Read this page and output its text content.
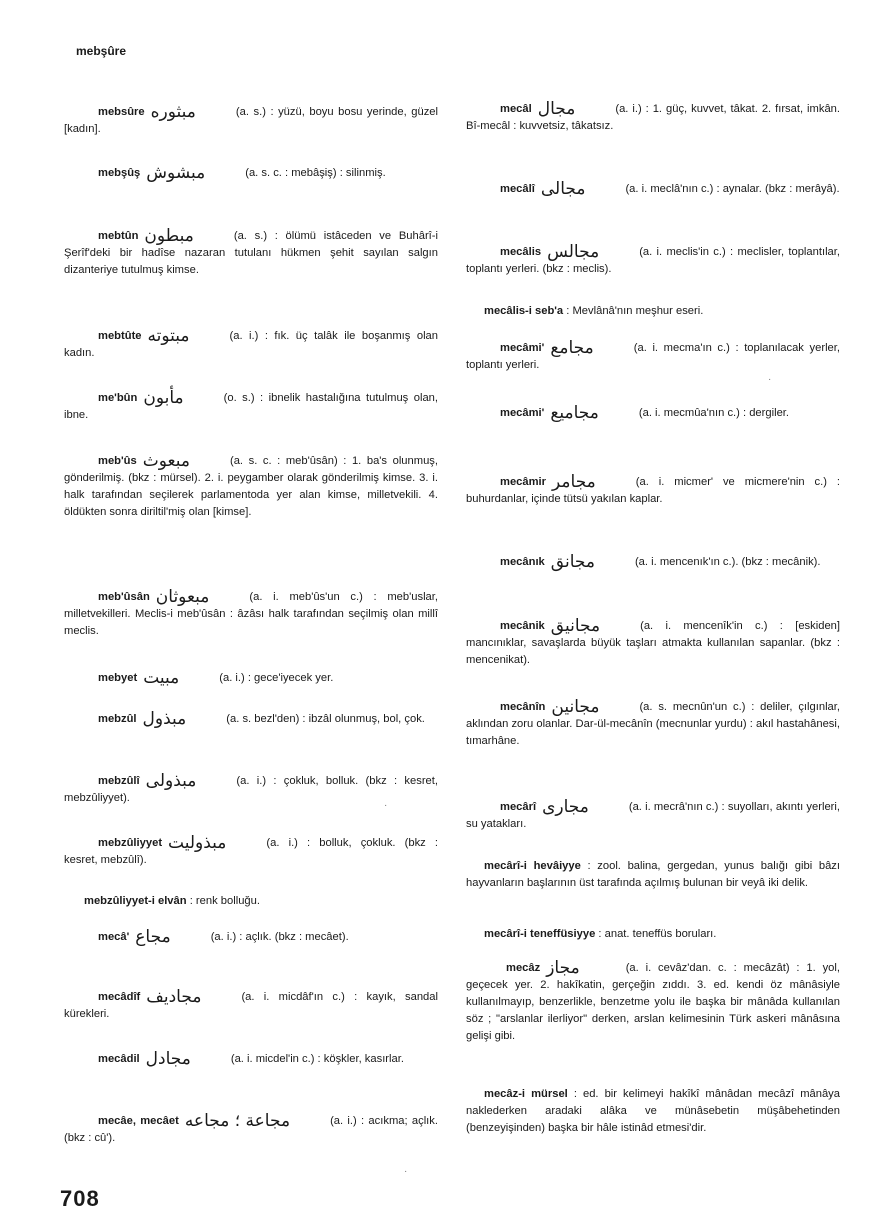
mebşûre

mebsûre مبثوره	(a. s.) : yüzü, boyu bosu yerinde, güzel [kadın].

mebşûş مبشوش	(a. s. c. : mebâşiş) : silinmiş.

mebtûn مبطون	(a. s.) : ölümü istâceden ve Buhârî-i Şerîf'deki bir hadîse nazaran tutulanı hükmen şehit sayılan salgın dizanteriye tutulmuş kimse.

mebtûte مبتوته	(a. i.) : fık. üç talâk ile boşanmış olan kadın.

me'bûn مأبون	(o. s.) : ibnelik hastalığına tutulmuş olan, ibne.

meb'ûs مبعوث	(a. s. c. : meb'ûsân) : 1. ba's olunmuş, gönderilmiş. (bkz : mürsel). 2. i. peygamber olarak gönderilmiş kimse. 3. i. halk tarafından seçilerek parlamentoda yer alan kimse, milletvekili. 4. öldükten sonra diriltil'miş olan [kimse].

meb'ûsân مبعوثان	(a. i. meb'ûs'un c.) : meb'uslar, milletvekilleri. Meclis-i meb'ûsân : âzâsı halk tarafından seçilmiş olan millî meclis.

mebyet مبيت	(a. i.) : gece'iyecek yer.

mebzûl مبذول	(a. s. bezl'den) : ibzâl olunmuş, bol, çok.

mebzûlî مبذولى	(a. i.) : çokluk, bolluk. (bkz : kesret, mebzûliyyet).

mebzûliyyet مبذوليت	(a. i.) : bolluk, çokluk. (bkz : kesret, mebzûlî).

mebzûliyyet-i elvân : renk bolluğu.

mecâ' مجاع	(a. i.) : açlık. (bkz : mecâet).

mecâdîf مجاديف	(a. i. micdâf'ın c.) : kayık, sandal kürekleri.

mecâdil مجادل	(a. i. micdel'in c.) : köşkler, kasırlar.

mecâe, mecâet مجاعة ؛ مجاعه	(a. i.) : acıkma; açlık. (bkz : cû').

mecâl مجال	(a. i.) : 1. güç, kuvvet, tâkat. 2. fırsat, imkân. Bî-mecâl : kuvvetsiz, tâkatsız.

mecâlî مجالى	(a. i. meclâ'nın c.) : aynalar. (bkz : merâyâ).

mecâlis مجالس	(a. i. meclis'in c.) : meclisler, toplantılar, toplantı yerleri. (bkz : meclis).

mecâlis-i seb'a : Mevlânâ'nın meşhur eseri.

mecâmi' مجامع	(a. i. mecma'ın c.) : toplanılacak yerler, toplantı yerleri.

mecâmi' مجاميع	(a. i. mecmûa'nın c.) : dergiler.

mecâmir مجامر	(a. i. micmer' ve micmere'nin c.) : buhurdanlar, içinde tütsü yakılan kaplar.

mecânık مجانق	(a. i. mencenık'ın c.). (bkz : mecânik).

mecânik مجانيق	(a. i. mencenîk'in c.) : [eskiden] mancınıklar, savaşlarda büyük taşları atmakta kullanılan sapanlar. (bkz : mencenikat).

mecânîn مجانين	(a. s. mecnûn'un c.) : deliler, çılgınlar, aklından zoru olanlar. Dar-ül-mecânîn (mecnunlar yurdu) : akıl hastahânesi, tımarhâne.

mecârî مجارى	(a. i. mecrâ'nın c.) : suyolları, akıntı yerleri, su yatakları.

mecârî-i hevâiyye : zool. balina, gergedan, yunus balığı gibi bâzı hayvanların başlarının üst tarafında açılmış bulunan bir veyâ iki delik.

mecârî-i teneffüsiyye : anat. teneffüs boruları.

mecâz مجاز	(a. i. cevâz'dan. c. : mecâzât) : 1. yol, geçecek yer. 2. hakîkatin, gerçeğin zıddı. 3. ed. kendi öz mânâsiyle kullanılmayıp, benzerlikle, benzetme yolu ile başka bir mânâda kullanılan söz ; "arslanlar ilerliyor" derken, arslan kelimesinin Türk askeri mânâsına gelişi gibi.

mecâz-i mürsel : ed. bir kelimeyi hakîkî mânâdan mecâzî mânâya naklederken aradaki alâka ve münâsebetin müşâbehetinden (benzeyişinden) başka bir hâle istinâd etmesi'dir.

708
·
·
·
